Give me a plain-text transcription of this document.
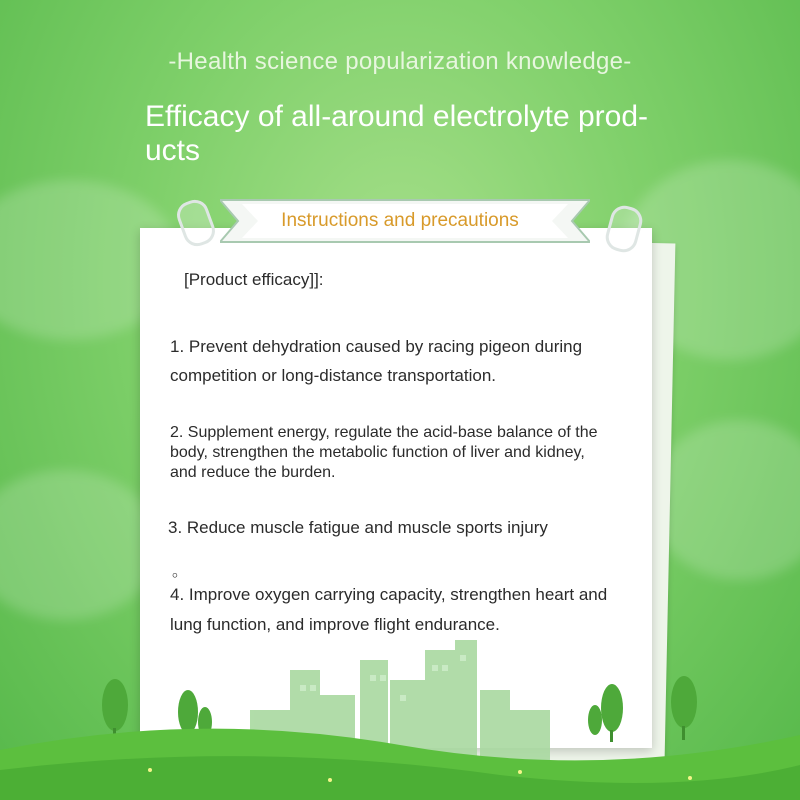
-Health science popularization knowledge-
Efficacy of all-around electrolyte prod-ucts
Instructions and precautions
[Product efficacy]]:
1. Prevent dehydration caused by racing pigeon during competition or long-distance transportation.
2. Supplement energy, regulate the acid-base balance of the body, strengthen the metabolic function of liver and kidney, and reduce the burden.
3. Reduce muscle fatigue and muscle sports injury
。
4. Improve oxygen carrying capacity, strengthen heart and lung function, and improve flight endurance.
